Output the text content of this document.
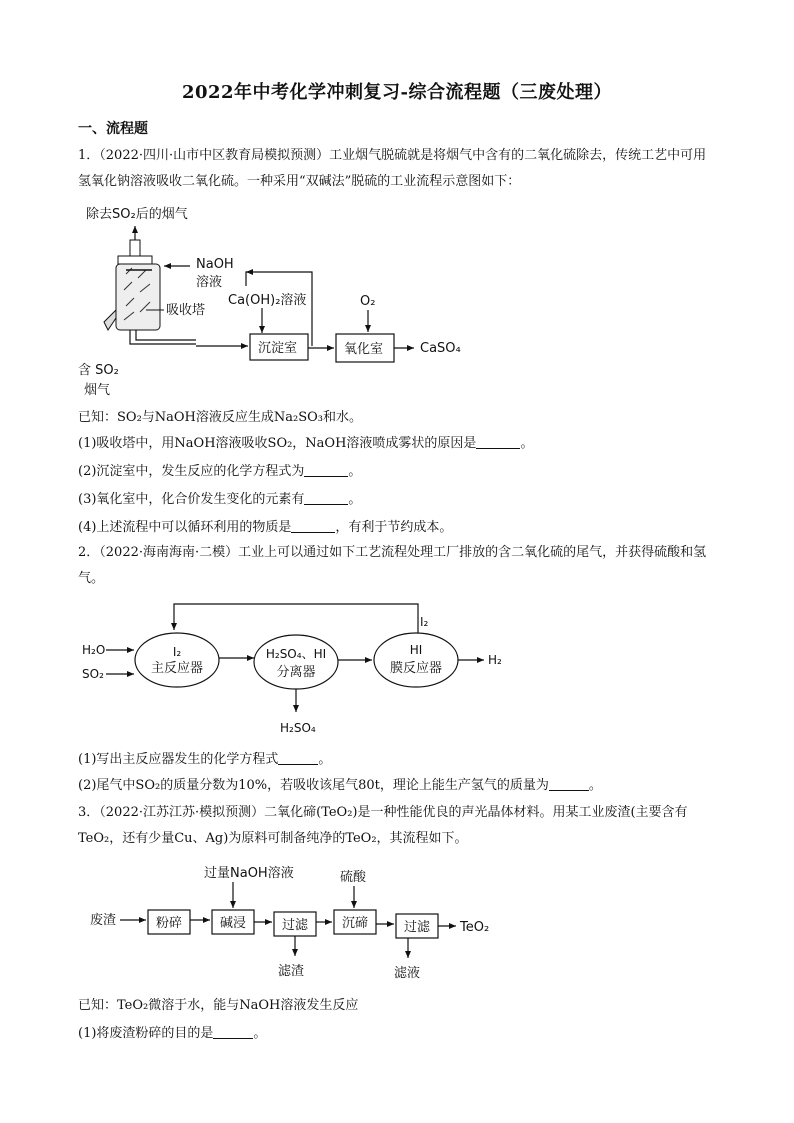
2022年中考化学冲刺复习-综合流程题（三废处理）
一、流程题
1．（2022·四川·山市中区教育局模拟预测）工业烟气脱硫就是将烟气中含有的二氧化硫除去，传统工艺中可用氢氧化钠溶液吸收二氧化硫。一种采用“双碱法”脱硫的工业流程示意图如下：
除去SO₂后的烟气
NaOH
溶液
吸收塔
Ca(OH)₂溶液
沉淀室	氧化室
O₂
CaSO₄
含 SO₂
烟气
已知：SO₂与NaOH溶液反应生成Na₂SO₃和水。
(1)吸收塔中，用NaOH溶液吸收SO₂，NaOH溶液喷成雾状的原因是	。
(2)沉淀室中，发生反应的化学方程式为	。
(3)氧化室中，化合价发生变化的元素有	。
(4)上述流程中可以循环利用的物质是	，有利于节约成本。
2．（2022·海南海南·二模）工业上可以通过如下工艺流程处理工厂排放的含二氧化硫的尾气，并获得硫酸和氢气。
I₂
H₂O
SO₂
I₂
主反应器
H₂SO₄、HI
分离器
HI
膜反应器
H₂
H₂SO₄
(1)写出主反应器发生的化学方程式	。
(2)尾气中SO₂的质量分数为10%，若吸收该尾气80t，理论上能生产氢气的质量为	。
3．（2022·江苏江苏·模拟预测）二氧化碲(TeO₂)是一种性能优良的声光晶体材料。用某工业废渣(主要含有TeO₂，还有少量Cu、Ag)为原料可制备纯净的TeO₂，其流程如下。
过量NaOH溶液	硫酸
废渣	粉碎	碱浸	过滤
滤渣
沉碲	过滤 TeO₂
滤液
已知：TeO₂微溶于水，能与NaOH溶液发生反应
(1)将废渣粉碎的目的是	。
